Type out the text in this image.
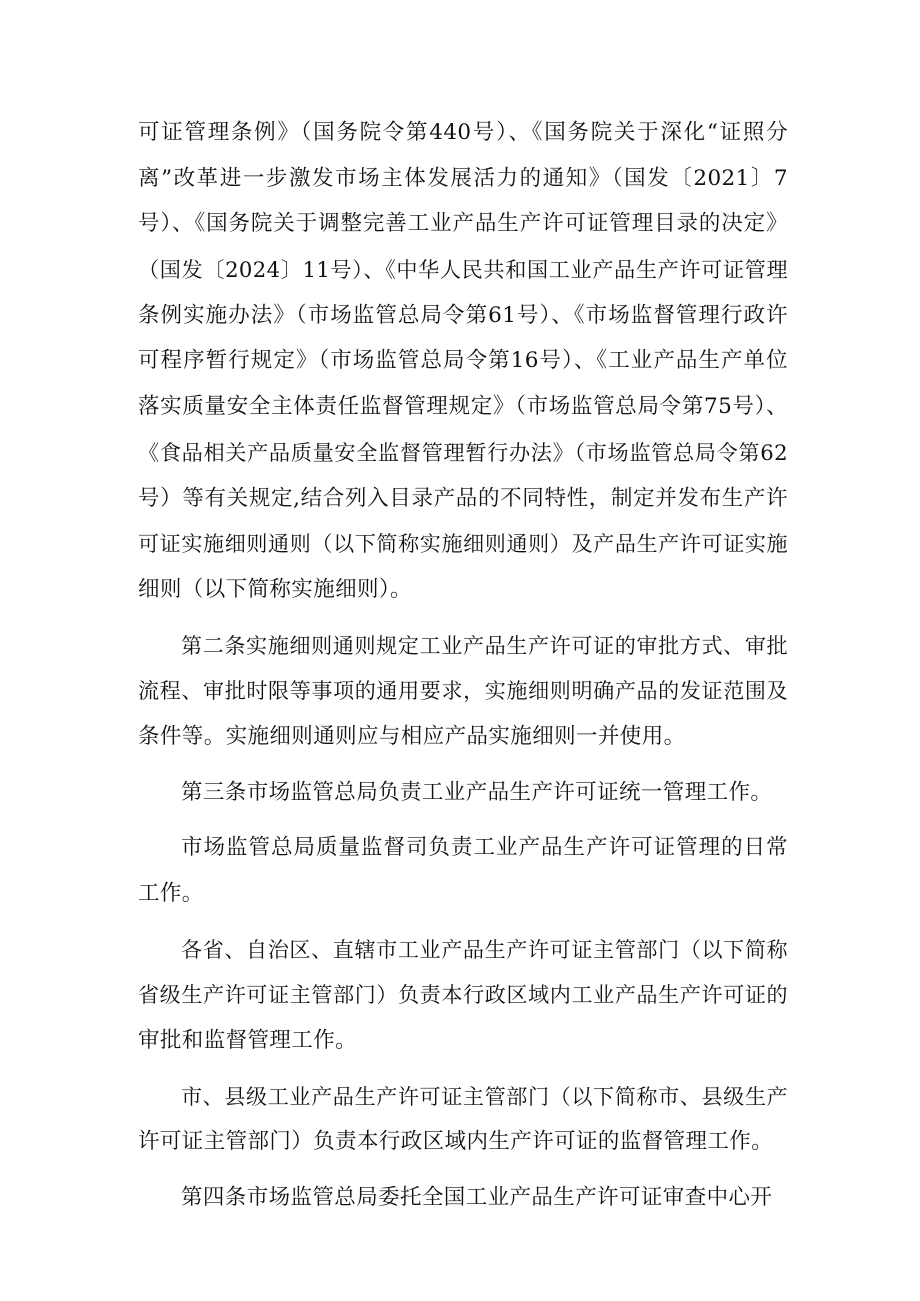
可证管理条例》（国务院令第440号）、《国务院关于深化“证照分
离”改革进一步激发市场主体发展活力的通知》（国发〔2021〕7
号）、《国务院关于调整完善工业产品生产许可证管理目录的决定》
（国发〔2024〕11号）、《中华人民共和国工业产品生产许可证管理
条例实施办法》（市场监管总局令第61号）、《市场监督管理行政许
可程序暂行规定》（市场监管总局令第16号）、《工业产品生产单位
落实质量安全主体责任监督管理规定》（市场监管总局令第75号）、
《食品相关产品质量安全监督管理暂行办法》（市场监管总局令第62
号）等有关规定,结合列入目录产品的不同特性，制定并发布生产许
可证实施细则通则（以下简称实施细则通则）及产品生产许可证实施
细则（以下简称实施细则）。
第二条实施细则通则规定工业产品生产许可证的审批方式、审批
流程、审批时限等事项的通用要求，实施细则明确产品的发证范围及
条件等。实施细则通则应与相应产品实施细则一并使用。
第三条市场监管总局负责工业产品生产许可证统一管理工作。
市场监管总局质量监督司负责工业产品生产许可证管理的日常
工作。
各省、自治区、直辖市工业产品生产许可证主管部门（以下简称
省级生产许可证主管部门）负责本行政区域内工业产品生产许可证的
审批和监督管理工作。
市、县级工业产品生产许可证主管部门（以下简称市、县级生产
许可证主管部门）负责本行政区域内生产许可证的监督管理工作。
第四条市场监管总局委托全国工业产品生产许可证审查中心开
